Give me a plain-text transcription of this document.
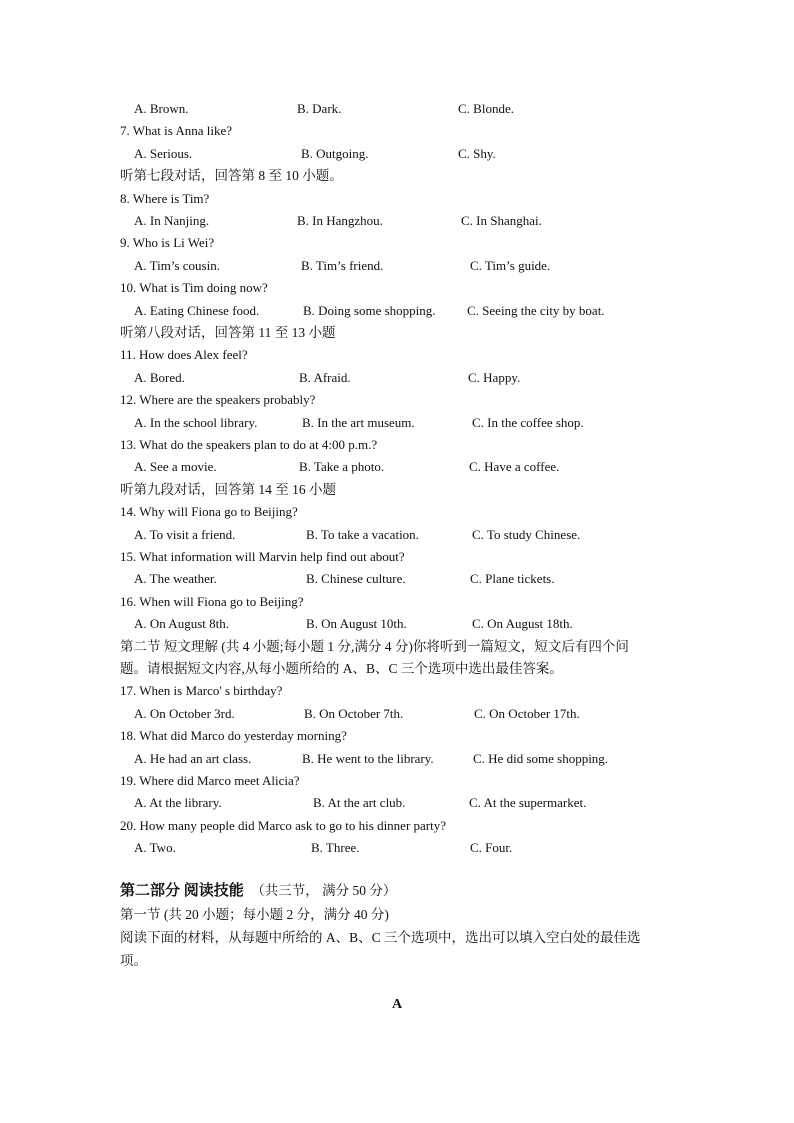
A. Brown.	B. Dark.	C. Blonde.
7. What is Anna like?
A. Serious.	B. Outgoing.	C. Shy.
听第七段对话，回答第 8 至 10 小题。
8. Where is Tim?
A. In Nanjing.	B. In Hangzhou.	C. In Shanghai.
9. Who is Li Wei?
A. Tim’s cousin.	B. Tim’s friend.	C. Tim’s guide.
10. What is Tim doing now?
A. Eating Chinese food.	B. Doing some shopping. C. Seeing the city by boat.
听第八段对话，回答第 11 至 13 小题
11. How does Alex feel?
A. Bored.	B. Afraid.	C. Happy.
12. Where are the speakers probably?
A. In the school library.	B. In the art museum.	C. In the coffee shop.
13. What do the speakers plan to do at 4:00 p.m.?
A. See a movie.	B. Take a photo.	C. Have a coffee.
听第九段对话，回答第 14 至 16 小题
14. Why will Fiona go to Beijing?
A. To visit a friend.	B. To take a vacation.	C. To study Chinese.
15. What information will Marvin help find out about?
A. The weather.	B. Chinese culture.	C. Plane tickets.
16. When will Fiona go to Beijing?
A. On August 8th.	B. On August 10th.	C. On August 18th.
第二节 短文理解 (共 4 小题;每小题 1 分,满分 4 分)你将听到一篇短文，短文后有四个问
题。请根据短文内容,从每小题所给的 A、B、C 三个选项中选出最佳答案。
17. When is Marco' s birthday?
A. On October 3rd.	B. On October 7th.	C. On October 17th.
18. What did Marco do yesterday morning?
A. He had an art class.	B. He went to the library.	C. He did some shopping.
19. Where did Marco meet Alicia?
A. At the library.	B. At the art club.	C. At the supermarket.
20. How many people did Marco ask to go to his dinner party?
A. Two.	B. Three.	C. Four.
第二部分 阅读技能 （共三节， 满分 50 分）
第一节 (共 20 小题；每小题 2 分，满分 40 分)
阅读下面的材料，从每题中所给的 A、B、C 三个选项中，选出可以填入空白处的最佳选
项。
A
